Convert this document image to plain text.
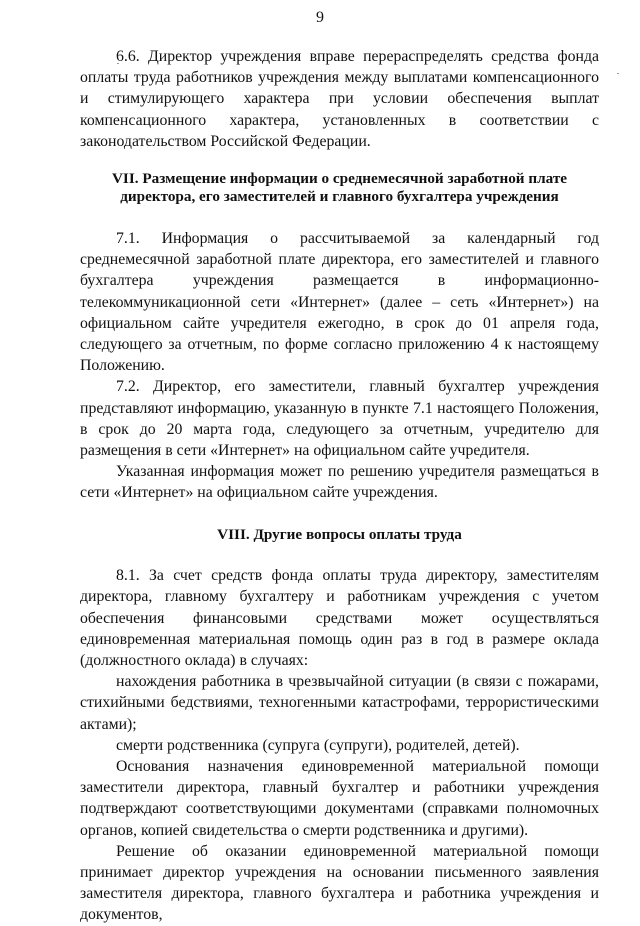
9

6.6. Директор учреждения вправе перераспределять средства фонда оплаты труда работников учреждения между выплатами компенсационного и стимулирующего характера при условии обеспечения выплат компенсационного характера, установленных в соответствии с законодательством Российской Федерации.

VII. Размещение информации о среднемесячной заработной плате

директора, его заместителей и главного бухгалтера учреждения

7.1. Информация о рассчитываемой за календарный год среднемесячной заработной плате директора, его заместителей и главного бухгалтера учреждения размещается в информационно-телекоммуникационной сети «Интернет» (далее – сеть «Интернет») на официальном сайте учредителя ежегодно, в срок до 01 апреля года, следующего за отчетным, по форме согласно приложению 4 к настоящему Положению.

7.2. Директор, его заместители, главный бухгалтер учреждения представляют информацию, указанную в пункте 7.1 настоящего Положения, в срок до 20 марта года, следующего за отчетным, учредителю для размещения в сети «Интернет» на официальном сайте учредителя.

Указанная информация может по решению учредителя размещаться в сети «Интернет» на официальном сайте учреждения.

VIII. Другие вопросы оплаты труда

8.1. За счет средств фонда оплаты труда директору, заместителям директора, главному бухгалтеру и работникам учреждения с учетом обеспечения финансовыми средствами может осуществляться единовременная материальная помощь один раз в год в размере оклада (должностного оклада) в случаях:

нахождения работника в чрезвычайной ситуации (в связи с пожарами, стихийными бедствиями, техногенными катастрофами, террористическими актами);

смерти родственника (супруга (супруги), родителей, детей).

Основания назначения единовременной материальной помощи заместители директора, главный бухгалтер и работники учреждения подтверждают соответствующими документами (справками полномочных органов, копией свидетельства о смерти родственника и другими).

Решение об оказании единовременной материальной помощи принимает директор учреждения на основании письменного заявления заместителя директора, главного бухгалтера и работника учреждения и документов,
